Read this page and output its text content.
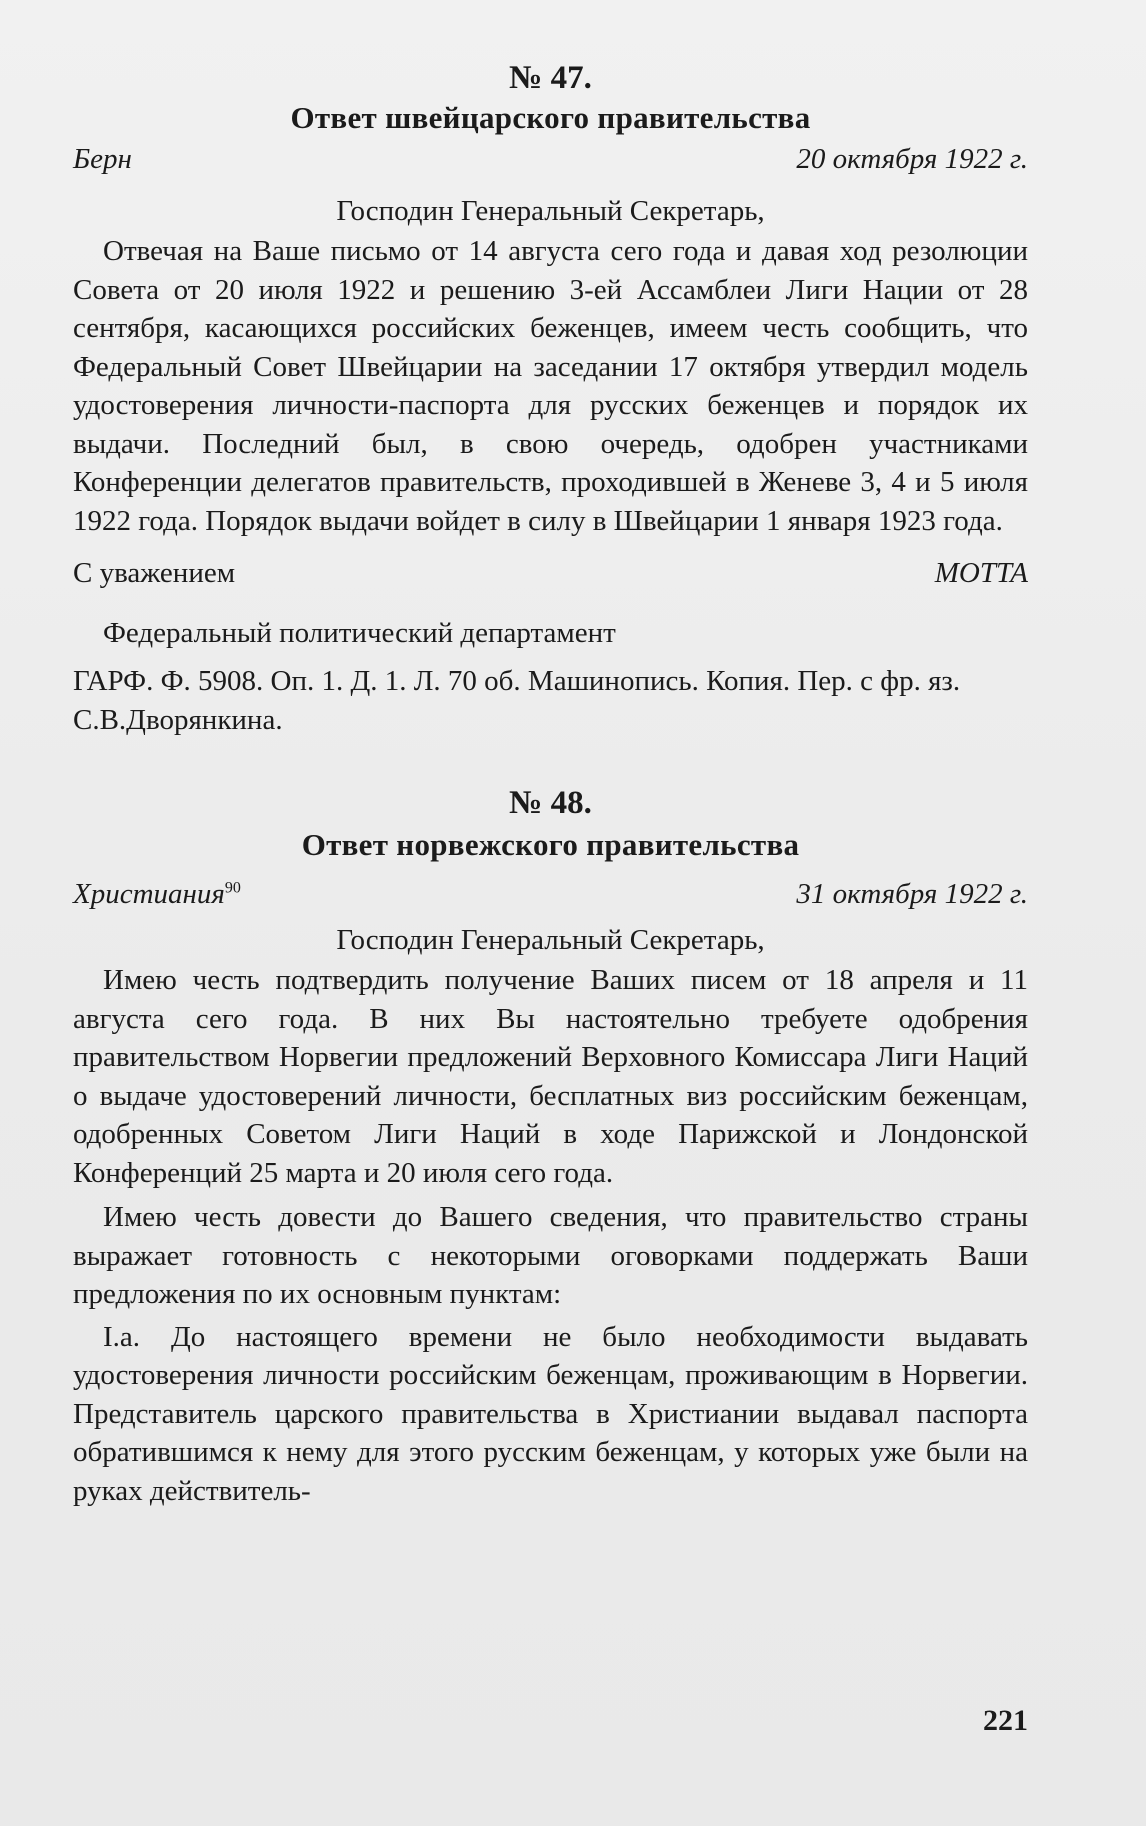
№ 47.

Ответ швейцарского правительства

Берн	20 октября 1922 г.

Господин Генеральный Секретарь,

Отвечая на Ваше письмо от 14 августа сего года и давая ход резолюции Совета от 20 июля 1922 и решению 3-ей Ассамблеи Лиги Нации от 28 сентября, касающихся российских беженцев, имеем честь сообщить, что Федеральный Совет Швейцарии на заседании 17 октября утвердил модель удостоверения личности-паспорта для русских беженцев и порядок их выдачи. Последний был, в свою очередь, одобрен участниками Конференции делегатов правительств, проходившей в Женеве 3, 4 и 5 июля 1922 года. Порядок выдачи войдет в силу в Швейцарии 1 января 1923 года.

С уважением	МОТТА

Федеральный политический департамент

ГАРФ. Ф. 5908. Оп. 1. Д. 1. Л. 70 об. Машинопись. Копия. Пер. с фр. яз. С.В.Дворянкина.

№ 48.

Ответ норвежского правительства

Христиания$^{90}$	31 октября 1922 г.

Господин Генеральный Секретарь,

Имею честь подтвердить получение Ваших писем от 18 апреля и 11 августа сего года. В них Вы настоятельно требуете одобрения правительством Норвегии предложений Верховного Комиссара Лиги Наций о выдаче удостоверений личности, бесплатных виз российским беженцам, одобренных Советом Лиги Наций в ходе Парижской и Лондонской Конференций 25 марта и 20 июля сего года.

Имею честь довести до Вашего сведения, что правительство страны выражает готовность с некоторыми оговорками поддержать Ваши предложения по их основным пунктам:

I.a. До настоящего времени не было необходимости выдавать удостоверения личности российским беженцам, проживающим в Норвегии. Представитель царского правительства в Христиании выдавал паспорта обратившимся к нему для этого русским беженцам, у которых уже были на руках действитель-

221
